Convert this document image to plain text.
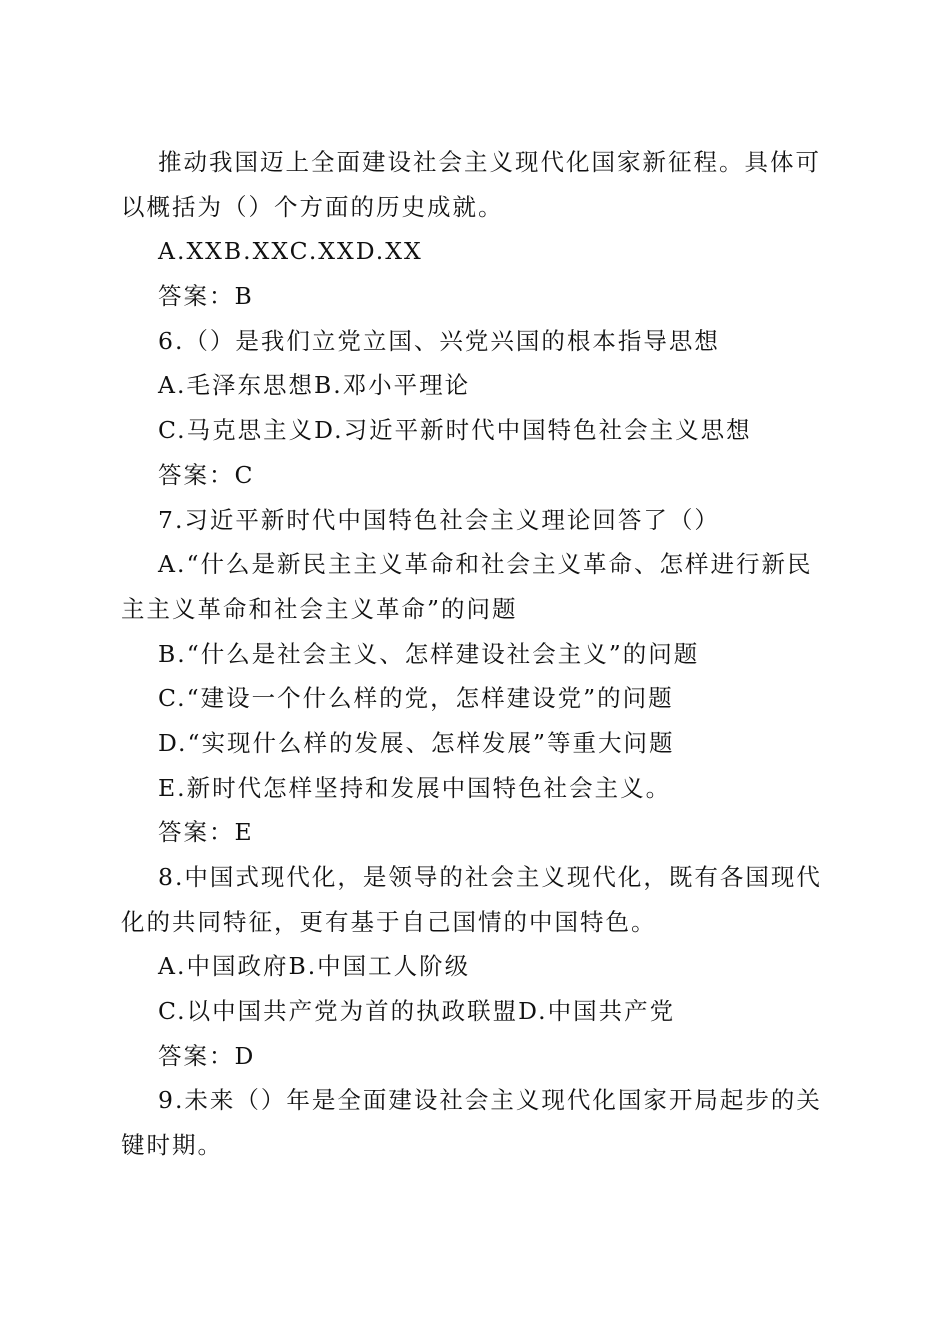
推动我国迈上全面建设社会主义现代化国家新征程。具体可
以概括为（）个方面的历史成就。
A.XXB.XXC.XXD.XX
答案：B
6.（）是我们立党立国、兴党兴国的根本指导思想
A.毛泽东思想B.邓小平理论
C.马克思主义D.习近平新时代中国特色社会主义思想
答案：C
7.习近平新时代中国特色社会主义理论回答了（）
A.“什么是新民主主义革命和社会主义革命、怎样进行新民
主主义革命和社会主义革命”的问题
B.“什么是社会主义、怎样建设社会主义”的问题
C.“建设一个什么样的党，怎样建设党”的问题
D.“实现什么样的发展、怎样发展”等重大问题
E.新时代怎样坚持和发展中国特色社会主义。
答案：E
8.中国式现代化，是领导的社会主义现代化，既有各国现代
化的共同特征，更有基于自己国情的中国特色。
A.中国政府B.中国工人阶级
C.以中国共产党为首的执政联盟D.中国共产党
答案：D
9.未来（）年是全面建设社会主义现代化国家开局起步的关
键时期。
